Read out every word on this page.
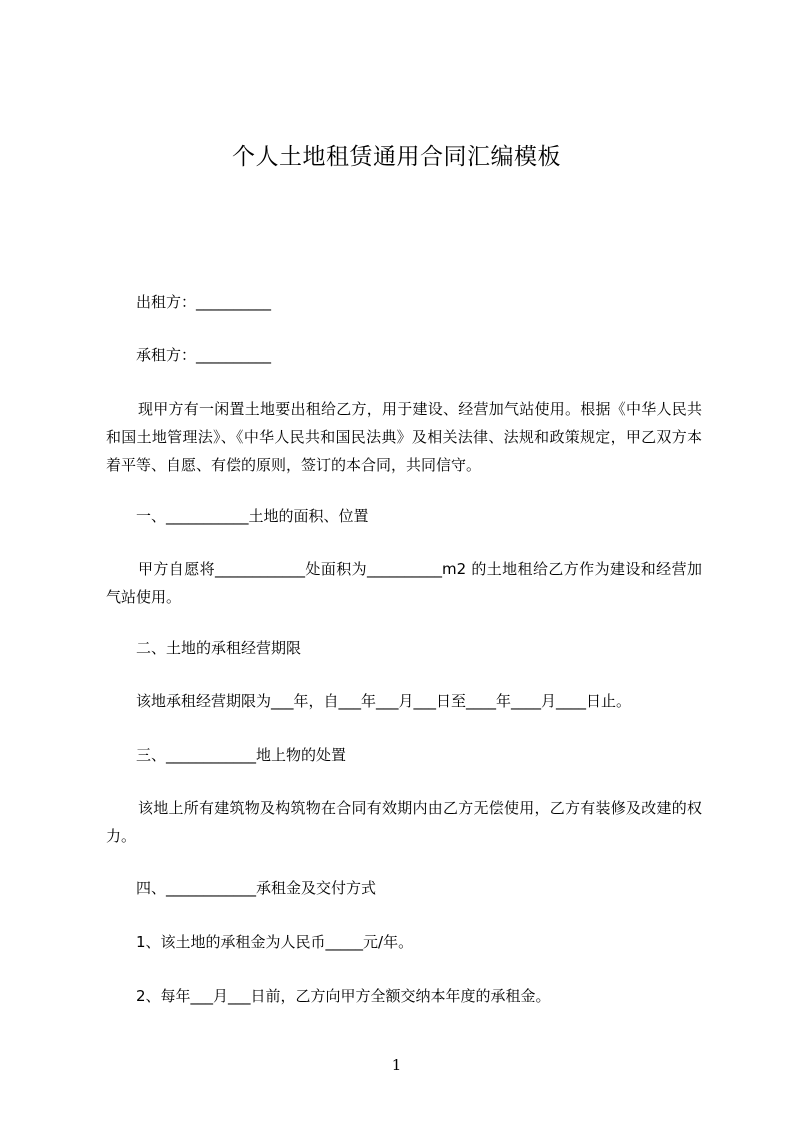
个人土地租赁通用合同汇编模板
出租方：__________
承租方：__________
现甲方有一闲置土地要出租给乙方，用于建设、经营加气站使用。根据《中华人民共和国土地管理法》、《中华人民共和国民法典》及相关法律、法规和政策规定，甲乙双方本着平等、自愿、有偿的原则，签订的本合同，共同信守。
一、___________土地的面积、位置
甲方自愿将____________处面积为__________m2 的土地租给乙方作为建设和经营加气站使用。
二、土地的承租经营期限
该地承租经营期限为___年，自___年___月___日至____年____月____日止。
三、____________地上物的处置
该地上所有建筑物及构筑物在合同有效期内由乙方无偿使用，乙方有装修及改建的权力。
四、____________承租金及交付方式
1、该土地的承租金为人民币_____元/年。
2、每年___月___日前，乙方向甲方全额交纳本年度的承租金。
1
